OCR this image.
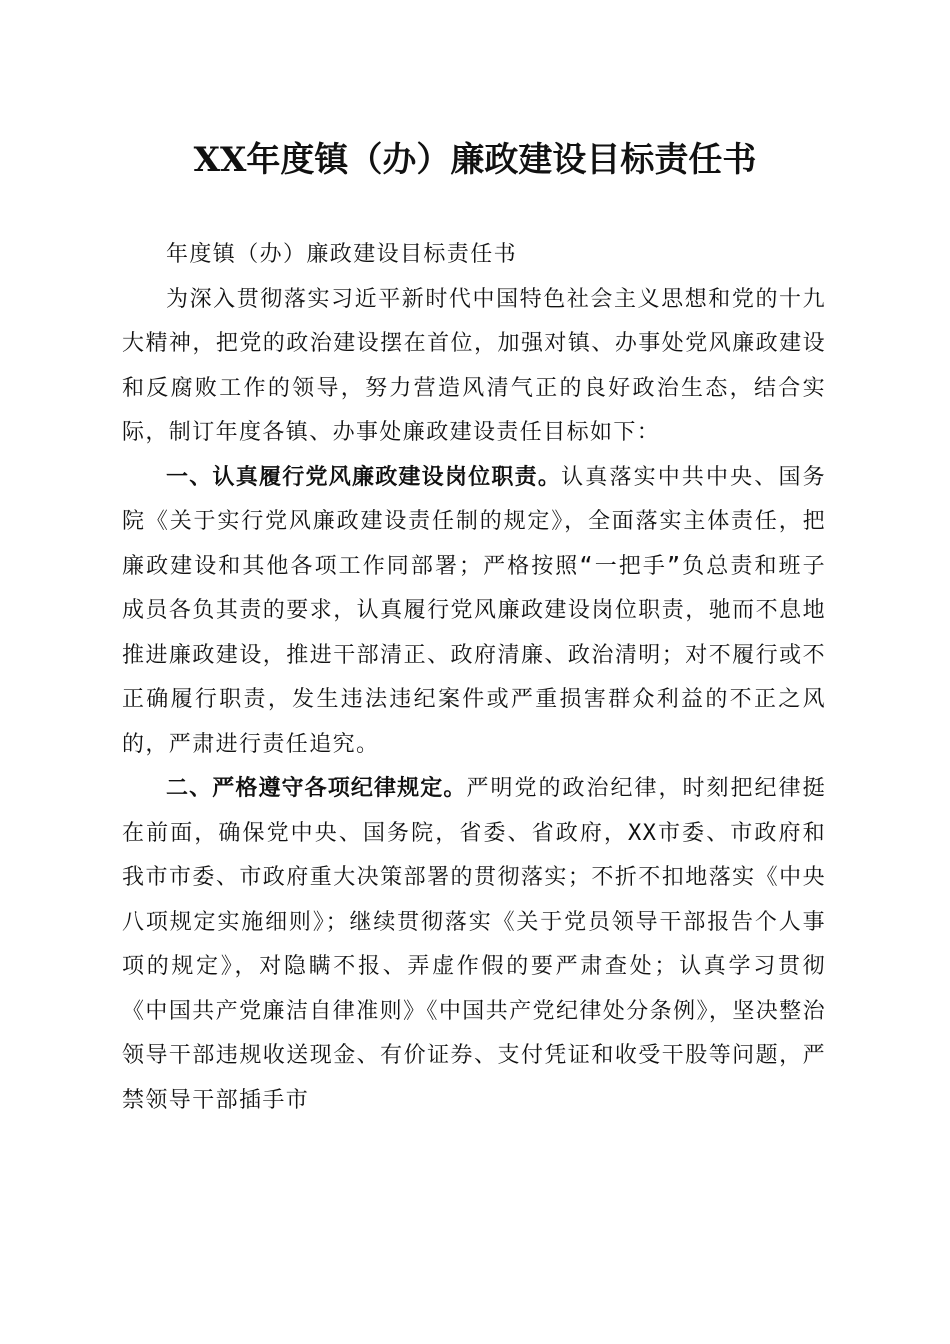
XX年度镇（办）廉政建设目标责任书

年度镇（办）廉政建设目标责任书

为深入贯彻落实习近平新时代中国特色社会主义思想和党的十九大精神，把党的政治建设摆在首位，加强对镇、办事处党风廉政建设和反腐败工作的领导，努力营造风清气正的良好政治生态，结合实际，制订年度各镇、办事处廉政建设责任目标如下：

一、认真履行党风廉政建设岗位职责。认真落实中共中央、国务院《关于实行党风廉政建设责任制的规定》，全面落实主体责任，把廉政建设和其他各项工作同部署；严格按照“一把手”负总责和班子成员各负其责的要求，认真履行党风廉政建设岗位职责，驰而不息地推进廉政建设，推进干部清正、政府清廉、政治清明；对不履行或不正确履行职责，发生违法违纪案件或严重损害群众利益的不正之风的，严肃进行责任追究。

二、严格遵守各项纪律规定。严明党的政治纪律，时刻把纪律挺在前面，确保党中央、国务院，省委、省政府，XX市委、市政府和我市市委、市政府重大决策部署的贯彻落实；不折不扣地落实《中央八项规定实施细则》；继续贯彻落实《关于党员领导干部报告个人事项的规定》，对隐瞒不报、弄虚作假的要严肃查处；认真学习贯彻《中国共产党廉洁自律准则》《中国共产党纪律处分条例》，坚决整治领导干部违规收送现金、有价证券、支付凭证和收受干股等问题，严禁领导干部插手市
